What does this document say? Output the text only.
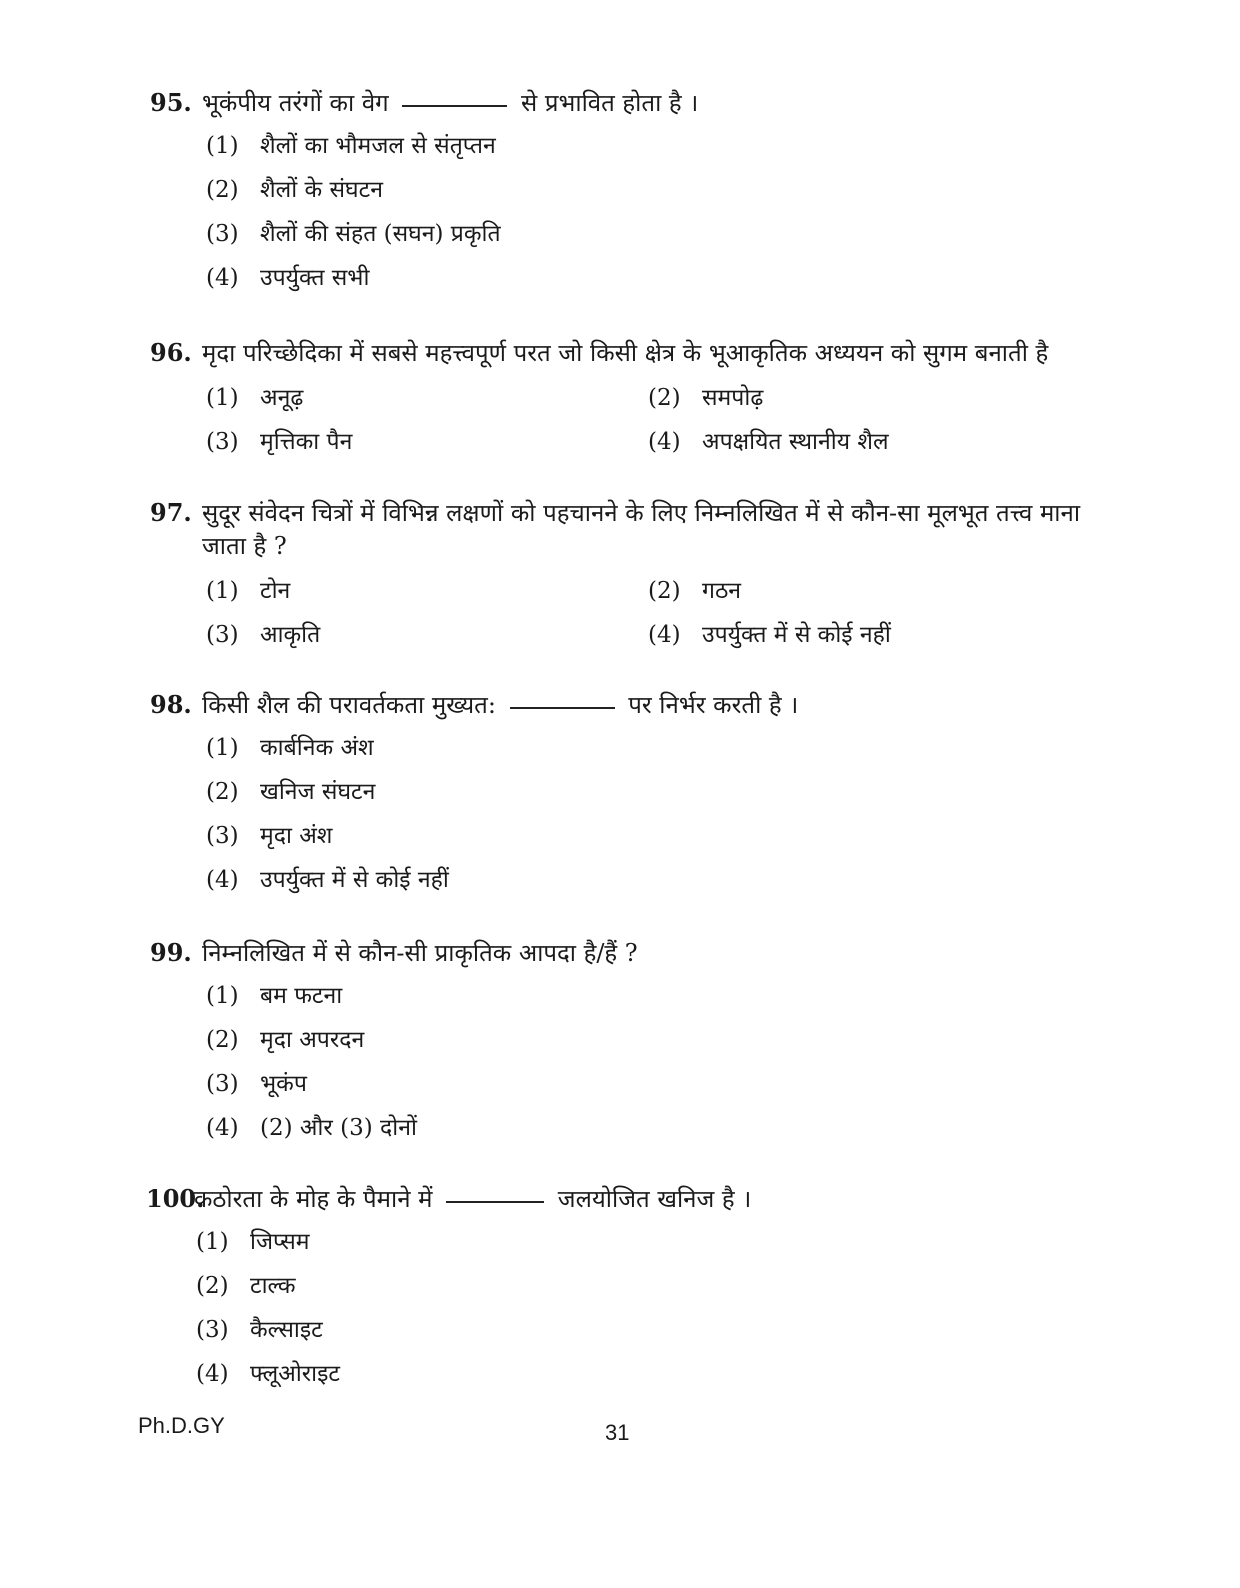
95. भूकंपीय तरंगों का वेग	से प्रभावित होता है ।
(1) शैलों का भौमजल से संतृप्तन
(2) शैलों के संघटन
(3) शैलों की संहत (सघन) प्रकृति
(4) उपर्युक्त सभी
96. मृदा परिच्छेदिका में सबसे महत्त्वपूर्ण परत जो किसी क्षेत्र के भूआकृतिक अध्ययन को सुगम बनाती है
(1) अनूढ़	(2) समपोढ़
(3) मृत्तिका पैन	(4) अपक्षयित स्थानीय शैल
97. सुदूर संवेदन चित्रों में विभिन्न लक्षणों को पहचानने के लिए निम्नलिखित में से कौन-सा मूलभूत तत्त्व माना
जाता है ?
(1) टोन	(2) गठन
(3) आकृति	(4) उपर्युक्त में से कोई नहीं
98. किसी शैल की परावर्तकता मुख्यत:	पर निर्भर करती है ।
(1) कार्बनिक अंश
(2) खनिज संघटन
(3) मृदा अंश
(4) उपर्युक्त में से कोई नहीं
99. निम्नलिखित में से कौन-सी प्राकृतिक आपदा है/हैं ?
(1) बम फटना
(2) मृदा अपरदन
(3) भूकंप
(4) (2) और (3) दोनों
100.
कठोरता के मोह के पैमाने में	जलयोजित खनिज है ।
(1) जिप्सम
(2) टाल्क
(3) कैल्साइट
(4) फ्लूओराइट
Ph.D.GY	31
